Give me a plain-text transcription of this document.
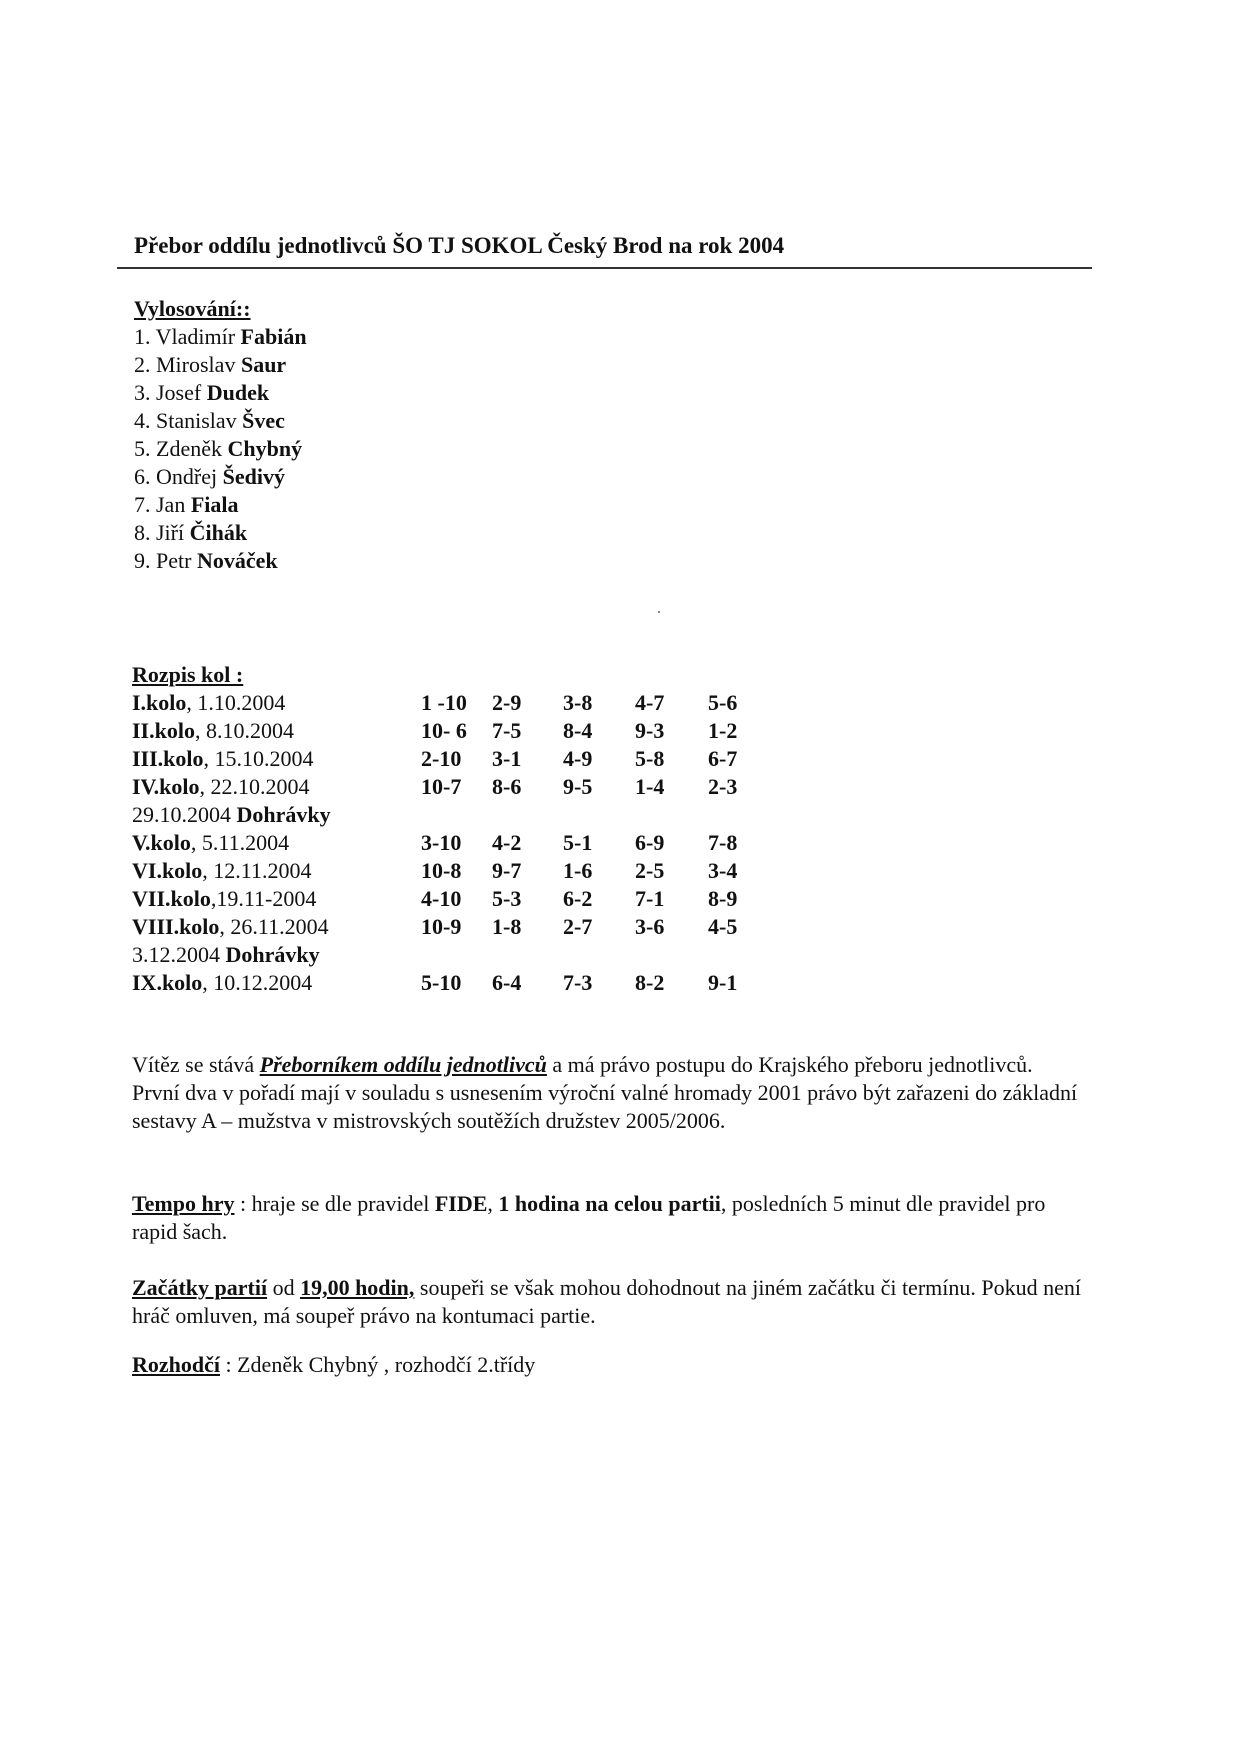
Přebor oddílu jednotlivců ŠO TJ SOKOL Český Brod na rok 2004
Vylosování::
1. Vladimír Fabián
2. Miroslav Saur
3. Josef Dudek
4. Stanislav Švec
5. Zdeněk Chybný
6. Ondřej Šedivý
7. Jan Fiala
8. Jiří Čihák
9. Petr Nováček
Rozpis kol :
I.kolo, 1.10.2004	1 -10 2-9 3-8 4-7 5-6
II.kolo, 8.10.2004	10- 6 7-5 8-4 9-3 1-2
III.kolo, 15.10.2004	2-10 3-1 4-9 5-8 6-7
IV.kolo, 22.10.2004	10-7 8-6 9-5 1-4 2-3
29.10.2004 Dohrávky
V.kolo, 5.11.2004	3-10 4-2 5-1 6-9 7-8
VI.kolo, 12.11.2004	10-8 9-7 1-6 2-5 3-4
VII.kolo,19.11-2004	4-10 5-3 6-2 7-1 8-9
VIII.kolo, 26.11.2004	10-9 1-8 2-7 3-6 4-5
3.12.2004 Dohrávky
IX.kolo, 10.12.2004	5-10 6-4 7-3 8-2 9-1
Vítěz se stává Přeborníkem oddílu jednotlivců a má právo postupu do Krajského přeboru jednotlivců.
První dva v pořadí mají v souladu s usnesením výroční valné hromady 2001 právo být zařazeni do základní sestavy A – mužstva v mistrovských soutěžích družstev 2005/2006.
Tempo hry : hraje se dle pravidel FIDE, 1 hodina na celou partii, posledních 5 minut dle pravidel pro rapid šach.
Začátky partií od 19,00 hodin, soupeři se však mohou dohodnout na jiném začátku či termínu. Pokud není hráč omluven, má soupeř právo na kontumaci partie.
Rozhodčí : Zdeněk Chybný , rozhodčí 2.třídy
